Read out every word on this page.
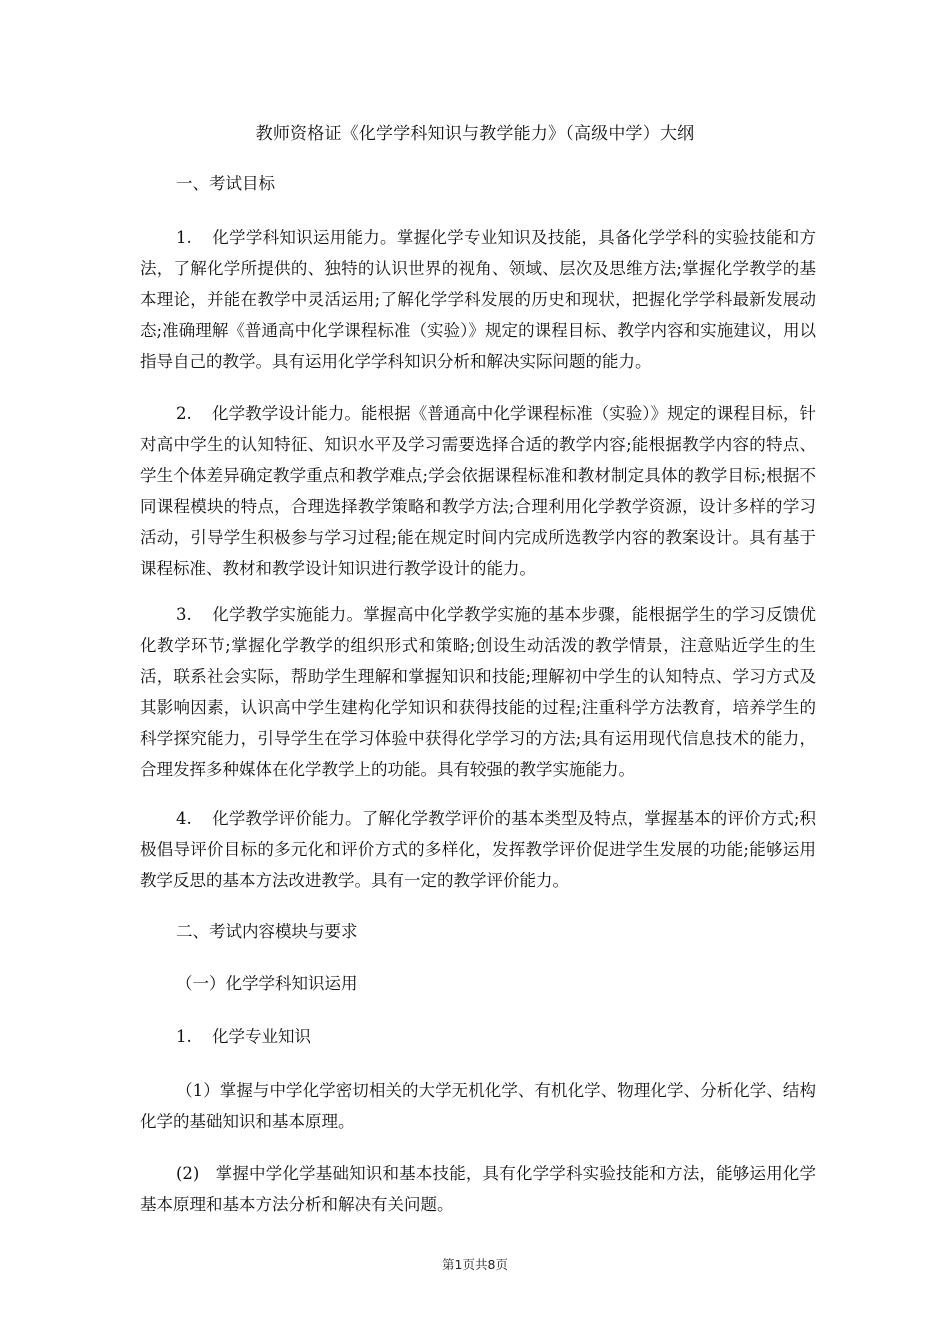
教师资格证《化学学科知识与教学能力》（高级中学）大纲
一、考试目标

1. 化学学科知识运用能力。掌握化学专业知识及技能，具备化学学科的实验技能和方法，了解化学所提供的、独特的认识世界的视角、领域、层次及思维方法;掌握化学教学的基本理论，并能在教学中灵活运用;了解化学学科发展的历史和现状，把握化学学科最新发展动态;准确理解《普通高中化学课程标准（实验）》规定的课程目标、教学内容和实施建议，用以指导自己的教学。具有运用化学学科知识分析和解决实际问题的能力。

2. 化学教学设计能力。能根据《普通高中化学课程标准（实验）》规定的课程目标，针对高中学生的认知特征、知识水平及学习需要选择合适的教学内容;能根据教学内容的特点、学生个体差异确定教学重点和教学难点;学会依据课程标准和教材制定具体的教学目标;根据不同课程模块的特点，合理选择教学策略和教学方法;合理利用化学教学资源，设计多样的学习活动，引导学生积极参与学习过程;能在规定时间内完成所选教学内容的教案设计。具有基于课程标准、教材和教学设计知识进行教学设计的能力。

3. 化学教学实施能力。掌握高中化学教学实施的基本步骤，能根据学生的学习反馈优化教学环节;掌握化学教学的组织形式和策略;创设生动活泼的教学情景，注意贴近学生的生活，联系社会实际，帮助学生理解和掌握知识和技能;理解初中学生的认知特点、学习方式及其影响因素，认识高中学生建构化学知识和获得技能的过程;注重科学方法教育，培养学生的科学探究能力，引导学生在学习体验中获得化学学习的方法;具有运用现代信息技术的能力，合理发挥多种媒体在化学教学上的功能。具有较强的教学实施能力。

4. 化学教学评价能力。了解化学教学评价的基本类型及特点，掌握基本的评价方式;积极倡导评价目标的多元化和评价方式的多样化，发挥教学评价促进学生发展的功能;能够运用教学反思的基本方法改进教学。具有一定的教学评价能力。

二、考试内容模块与要求
（一）化学学科知识运用
1. 化学专业知识

（1）掌握与中学化学密切相关的大学无机化学、有机化学、物理化学、分析化学、结构化学的基础知识和基本原理。

(2) 掌握中学化学基础知识和基本技能，具有化学学科实验技能和方法，能够运用化学基本原理和基本方法分析和解决有关问题。

第1页共8页
